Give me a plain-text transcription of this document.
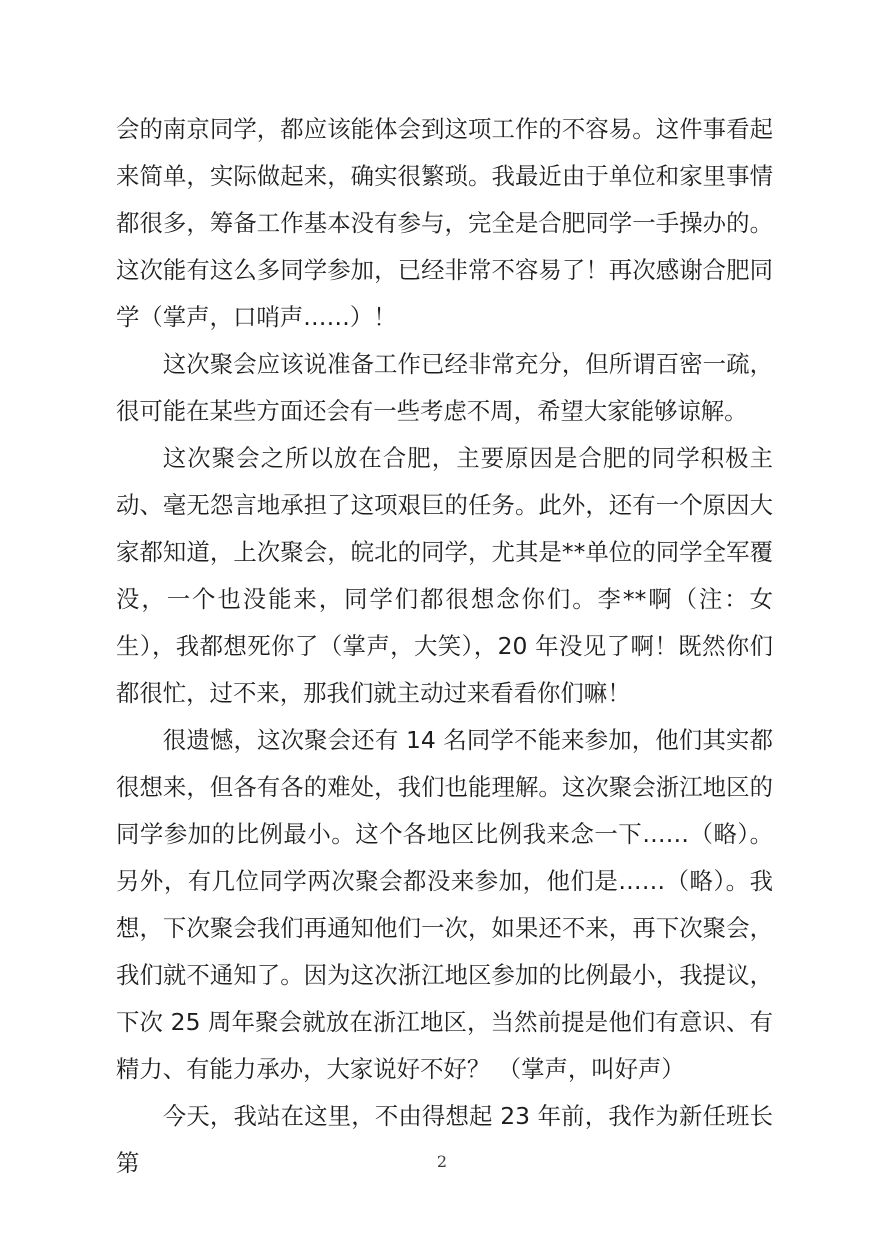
会的南京同学，都应该能体会到这项工作的不容易。这件事看起来简单，实际做起来，确实很繁琐。我最近由于单位和家里事情都很多，筹备工作基本没有参与，完全是合肥同学一手操办的。这次能有这么多同学参加，已经非常不容易了！再次感谢合肥同学（掌声，口哨声……）！

这次聚会应该说准备工作已经非常充分，但所谓百密一疏，很可能在某些方面还会有一些考虑不周，希望大家能够谅解。

这次聚会之所以放在合肥，主要原因是合肥的同学积极主动、毫无怨言地承担了这项艰巨的任务。此外，还有一个原因大家都知道，上次聚会，皖北的同学，尤其是**单位的同学全军覆没，一个也没能来，同学们都很想念你们。李**啊（注：女生），我都想死你了（掌声，大笑），20 年没见了啊！既然你们都很忙，过不来，那我们就主动过来看看你们嘛！

很遗憾，这次聚会还有 14 名同学不能来参加，他们其实都很想来，但各有各的难处，我们也能理解。这次聚会浙江地区的同学参加的比例最小。这个各地区比例我来念一下……（略）。另外，有几位同学两次聚会都没来参加，他们是……（略）。我想，下次聚会我们再通知他们一次，如果还不来，再下次聚会，我们就不通知了。因为这次浙江地区参加的比例最小，我提议，下次 25 周年聚会就放在浙江地区，当然前提是他们有意识、有精力、有能力承办，大家说好不好？ （掌声，叫好声）

今天，我站在这里，不由得想起 23 年前，我作为新任班长第	2
